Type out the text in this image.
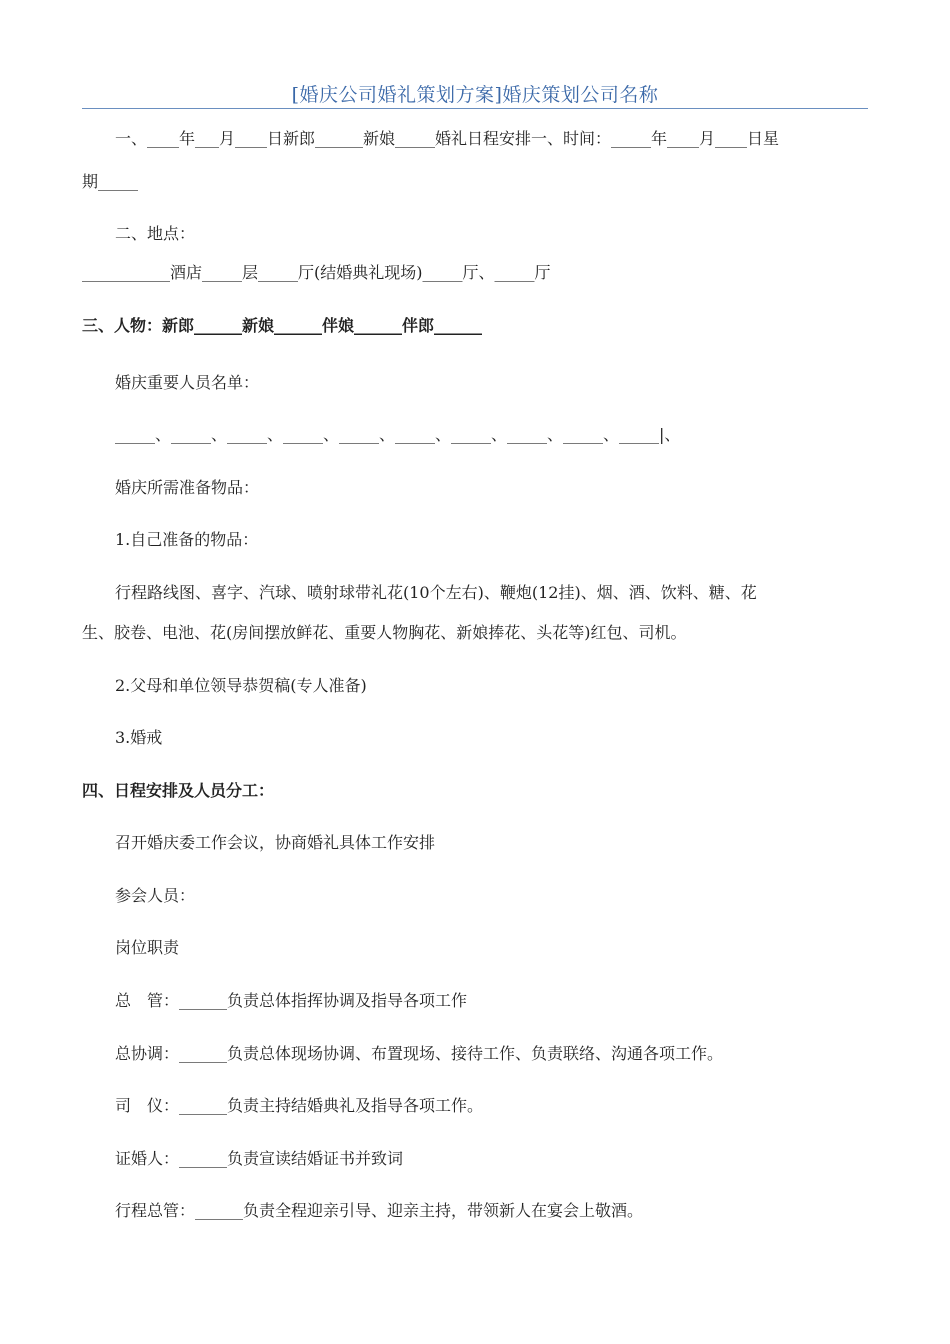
[婚庆公司婚礼策划方案]婚庆策划公司名称
一、____年___月____日新郎______新娘_____婚礼日程安排一、时间：_____年____月____日星
期_____
二、地点：
___________酒店_____层_____厅(结婚典礼现场)_____厅、_____厅
三、人物：新郎______新娘______伴娘______伴郎______
婚庆重要人员名单：
_____、_____、_____、_____、_____、_____、_____、_____、_____、_____|、
婚庆所需准备物品：
1.自己准备的物品：
行程路线图、喜字、汽球、喷射球带礼花(10个左右)、鞭炮(12挂)、烟、酒、饮料、糖、花
生、胶卷、电池、花(房间摆放鲜花、重要人物胸花、新娘捧花、头花等)红包、司机。
2.父母和单位领导恭贺稿(专人准备)
3.婚戒
四、日程安排及人员分工：
召开婚庆委工作会议，协商婚礼具体工作安排
参会人员：
岗位职责
总　管：______负责总体指挥协调及指导各项工作
总协调：______负责总体现场协调、布置现场、接待工作、负责联络、沟通各项工作。
司　仪：______负责主持结婚典礼及指导各项工作。
证婚人：______负责宣读结婚证书并致词
行程总管：______负责全程迎亲引导、迎亲主持，带领新人在宴会上敬酒。
